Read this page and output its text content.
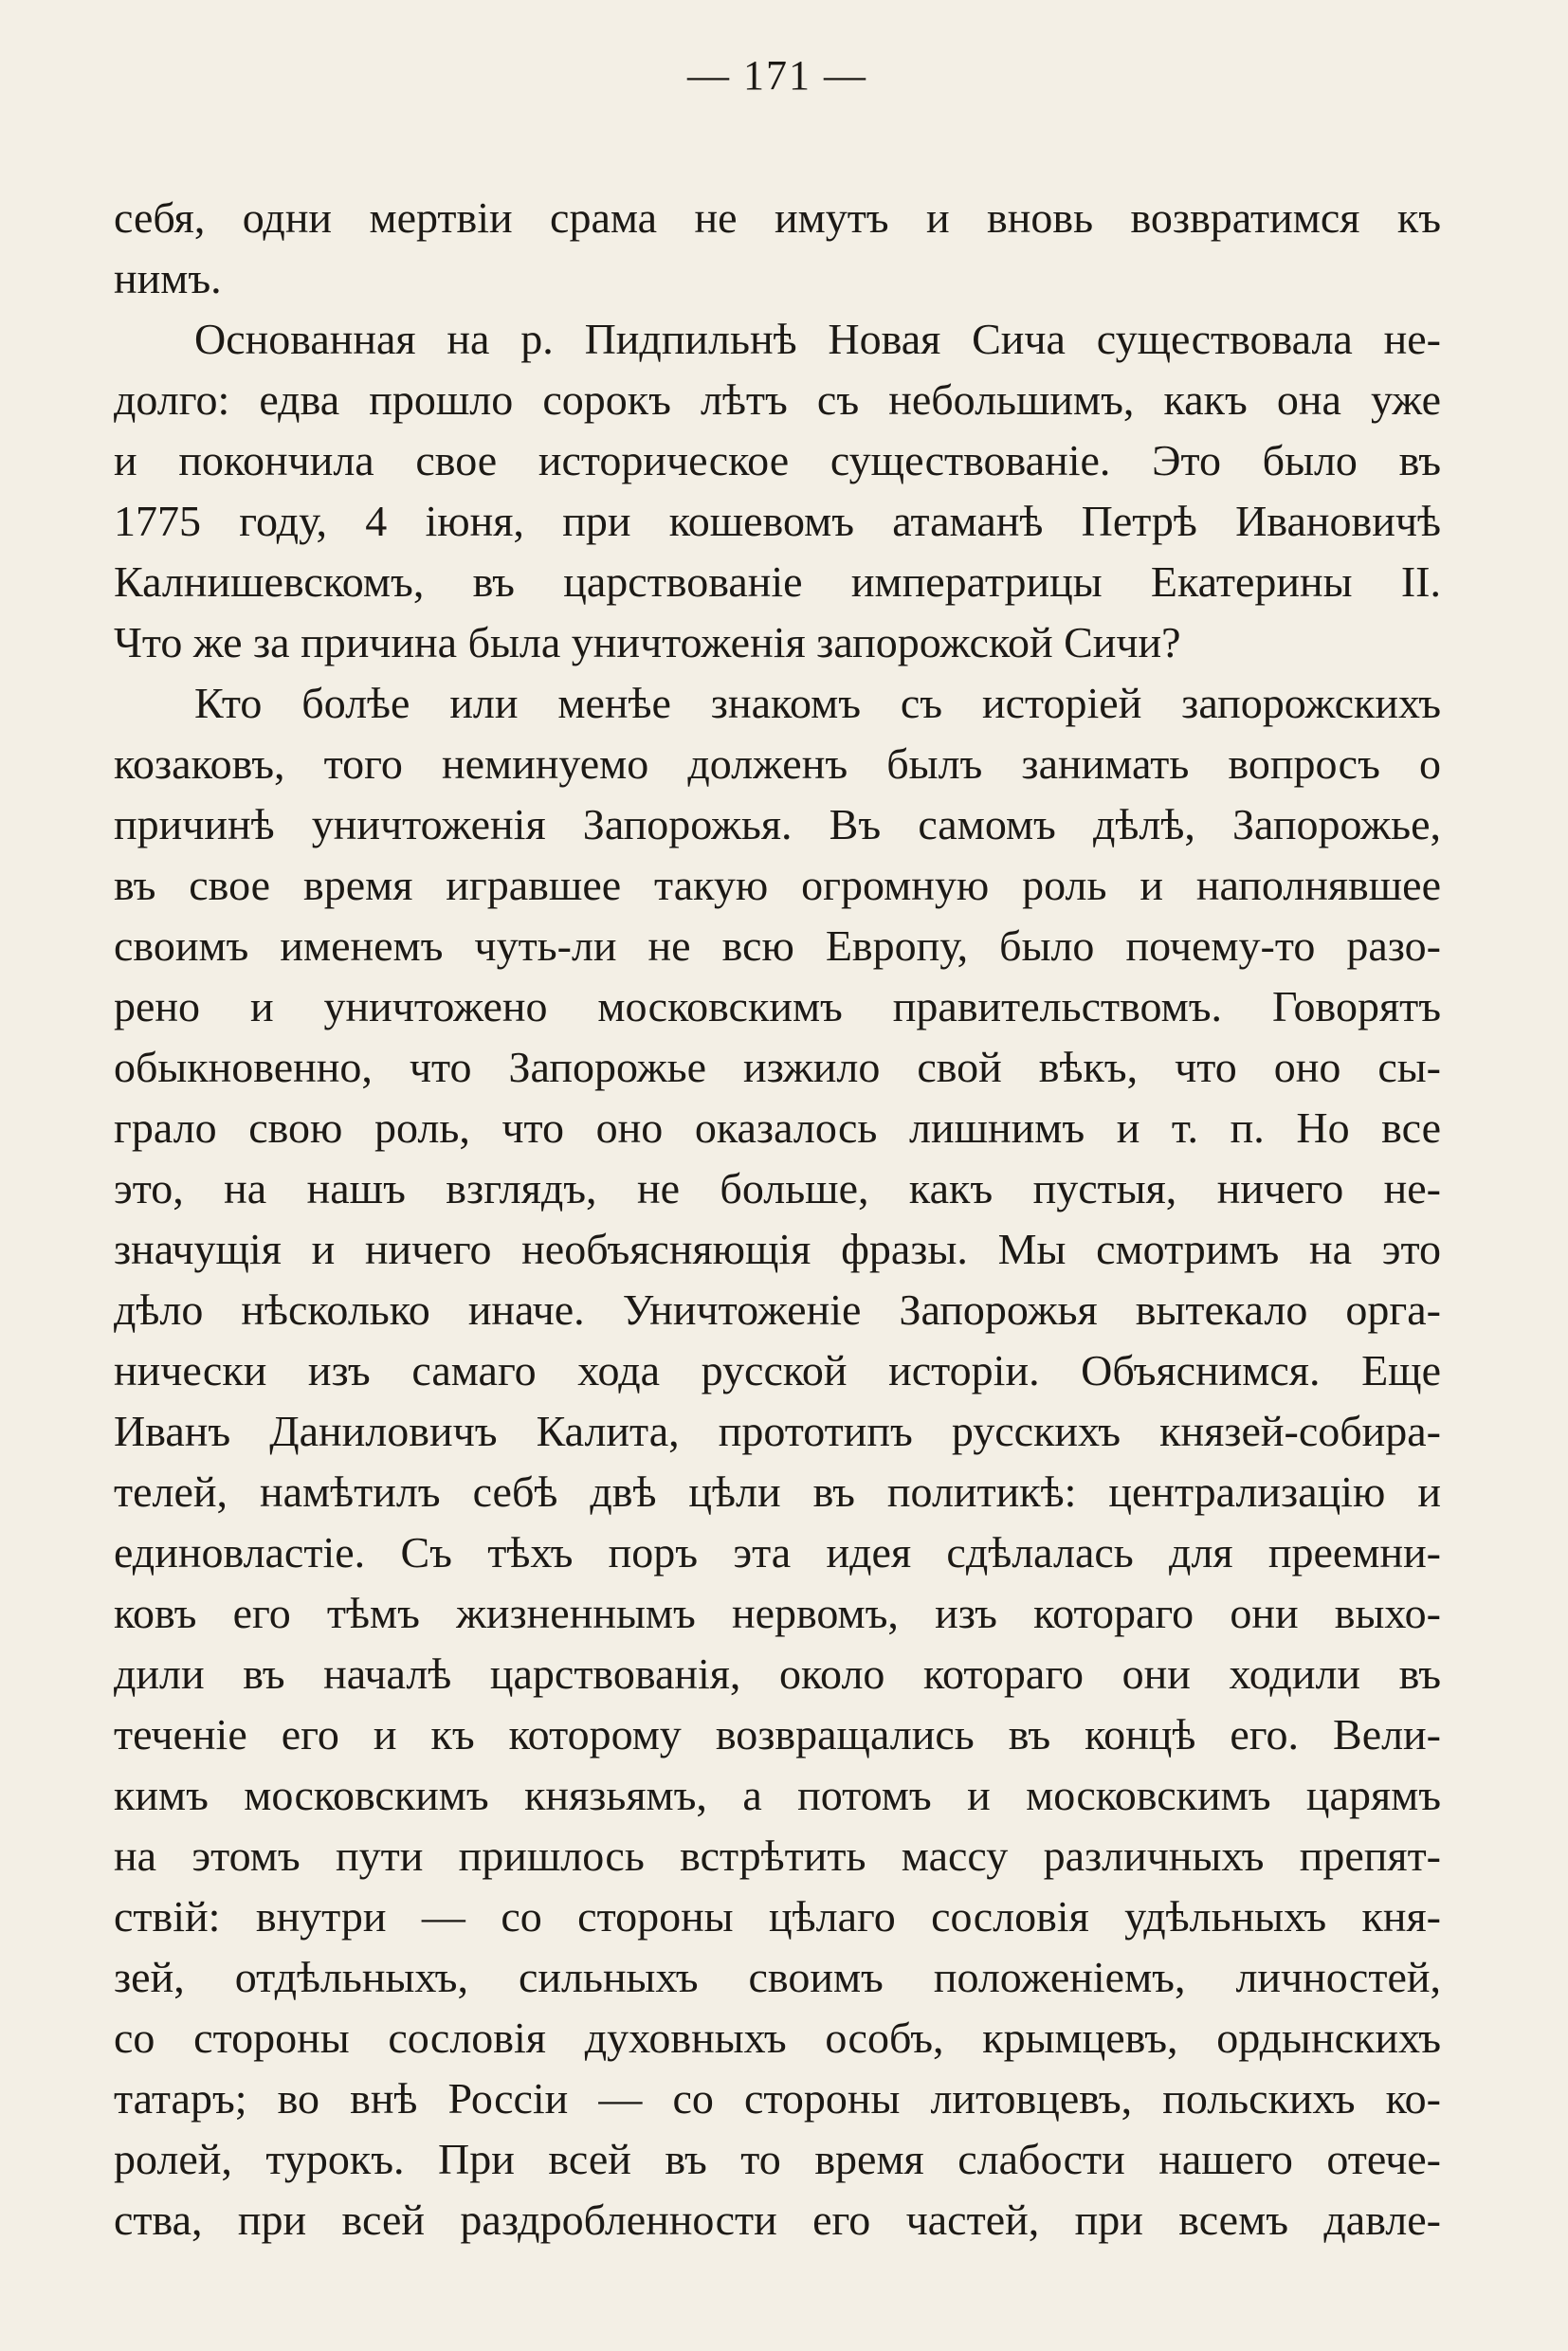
— 171 —
себя, одни мертвiи срама не имутъ и вновь возвратимся къ
нимъ.
Основанная на р. Пидпильнѣ Новая Сича существовала не-
долго: едва прошло сорокъ лѣтъ съ небольшимъ, какъ она уже
и покончила свое историческое существованiе. Это было въ
1775 году, 4 iюня, при кошевомъ атаманѣ Петрѣ Ивановичѣ
Калнишевскомъ, въ царствованiе императрицы Екатерины II.
Что же за причина была уничтоженiя запорожской Сичи?
Кто болѣе или менѣе знакомъ съ исторiей запорожскихъ
козаковъ, того неминуемо долженъ былъ занимать вопросъ о
причинѣ уничтоженiя Запорожья. Въ самомъ дѣлѣ, Запорожье,
въ свое время игравшее такую огромную роль и наполнявшее
своимъ именемъ чуть-ли не всю Европу, было почему-то разо-
рено и уничтожено московскимъ правительствомъ. Говорятъ
обыкновенно, что Запорожье изжило свой вѣкъ, что оно сы-
грало свою роль, что оно оказалось лишнимъ и т. п. Но все
это, на нашъ взглядъ, не больше, какъ пустыя, ничего не-
значущiя и ничего необъясняющiя фразы. Мы смотримъ на это
дѣло нѣсколько иначе. Уничтоженiе Запорожья вытекало орга-
нически изъ самаго хода русской исторiи. Объяснимся. Еще
Иванъ Даниловичъ Калита, прототипъ русскихъ князей-собира-
телей, намѣтилъ себѣ двѣ цѣли въ политикѣ: централизацiю и
единовластiе. Съ тѣхъ поръ эта идея сдѣлалась для преемни-
ковъ его тѣмъ жизненнымъ нервомъ, изъ котораго они выхо-
дили въ началѣ царствованiя, около котораго они ходили въ
теченiе его и къ которому возвращались въ концѣ его. Вели-
кимъ московскимъ князьямъ, а потомъ и московскимъ царямъ
на этомъ пути пришлось встрѣтить массу различныхъ препят-
ствiй: внутри — со стороны цѣлаго сословiя удѣльныхъ кня-
зей, отдѣльныхъ, сильныхъ своимъ положенiемъ, личностей,
со стороны сословiя духовныхъ особъ, крымцевъ, ордынскихъ
татаръ; во внѣ Россiи — со стороны литовцевъ, польскихъ ко-
ролей, турокъ. При всей въ то время слабости нашего отече-
ства, при всей раздробленности его частей, при всемъ давле-
